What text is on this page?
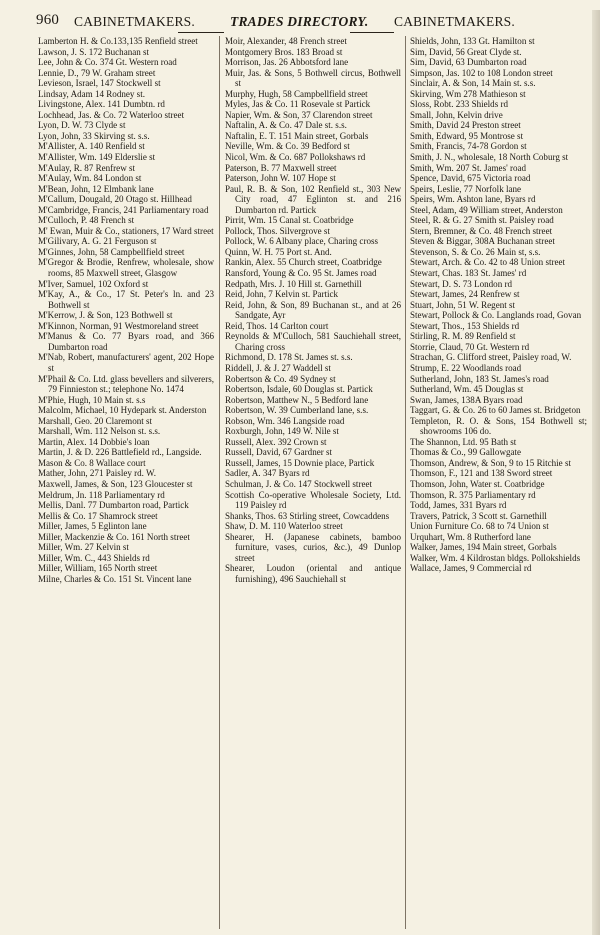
960 CABINETMAKERS.	TRADES DIRECTORY. CABINETMAKERS.
Lamberton H. & Co.133,135 Renfield street
Lawson, J. S. 172 Buchanan st
Lee, John & Co. 374 Gt. Western road
Lennie, D., 79 W. Graham street
Levieson, Israel, 147 Stockwell st
Lindsay, Adam 14 Rodney st.
Livingstone, Alex. 141 Dumbtn. rd
Lochhead, Jas. & Co. 72 Waterloo street
Lyon, D. W. 73 Clyde st
Lyon, John, 33 Skirving st. s.s.
M'Allister, A. 140 Renfield st
M'Allister, Wm. 149 Elderslie st
M'Aulay, R. 87 Renfrew st
M'Aulay, Wm. 84 London st
M'Bean, John, 12 Elmbank lane
M'Callum, Dougald, 20 Otago st. Hillhead
M'Cambridge, Francis, 241 Parliamentary road
M'Culloch, P. 48 French st
M' Ewan, Muir & Co., stationers, 17 Ward street
M'Gilivary, A. G. 21 Ferguson st
M'Ginnes, John, 58 Campbellfield street
M'Gregor & Brodie, Renfrew, wholesale, show rooms, 85 Maxwell street, Glasgow
M'Iver, Samuel, 102 Oxford st
M'Kay, A., & Co., 17 St. Peter's ln. and 23 Bothwell st
M'Kerrow, J. & Son, 123 Bothwell st
M'Kinnon, Norman, 91 Westmoreland street
M'Manus & Co. 77 Byars road, and 366 Dumbarton road
M'Nab, Robert, manufacturers' agent, 202 Hope st
M'Phail & Co. Ltd. glass bevellers and silverers, 79 Finnieston st.; telephone No. 1474
M'Phie, Hugh, 10 Main st. s.s
Malcolm, Michael, 10 Hydepark st. Anderston
Marshall, Geo. 20 Claremont st
Marshall, Wm. 112 Nelson st. s.s.
Martin, Alex. 14 Dobbie's loan
Martin, J. & D. 226 Battlefield rd., Langside.
Mason & Co. 8 Wallace court
Mather, John, 271 Paisley rd. W.
Maxwell, James, & Son, 123 Gloucester st
Meldrum, Jn. 118 Parliamentary rd
Mellis, Danl. 77 Dumbarton road, Partick
Mellis & Co. 17 Shamrock street
Miller, James, 5 Eglinton lane
Miller, Mackenzie & Co. 161 North street
Miller, Wm. 27 Kelvin st
Miller, Wm. C., 443 Shields rd
Miller, William, 165 North street
Milne, Charles & Co. 151 St. Vincent lane
Moir, Alexander, 48 French street
Montgomery Bros. 183 Broad st
Morrison, Jas. 26 Abbotsford lane
Muir, Jas. & Sons, 5 Bothwell circus, Bothwell st
Murphy, Hugh, 58 Campbellfield street
Myles, Jas & Co. 11 Rosevale st Partick
Napier, Wm. & Son, 37 Clarendon street
Naftalin, A. & Co. 47 Dale st. s.s.
Naftalin, E. T. 151 Main street, Gorbals
Neville, Wm. & Co. 39 Bedford st
Nicol, Wm. & Co. 687 Pollokshaws rd
Paterson, B. 77 Maxwell street
Paterson, John W. 107 Hope st
Paul, R. B. & Son, 102 Renfield st., 303 New City road, 47 Eglinton st. and 216 Dumbarton rd. Partick
Pirrit, Wm. 15 Canal st. Coatbridge
Pollock, Thos. Silvergrove st
Pollock, W. 6 Albany place, Charing cross
Quinn, W. H. 75 Port st. And.
Rankin, Alex. 55 Church street, Coatbridge
Ransford, Young & Co. 95 St. James road
Redpath, Mrs. J. 10 Hill st. Garnethill
Reid, John, 7 Kelvin st. Partick
Reid, John, & Son, 89 Buchanan st., and at 26 Sandgate, Ayr
Reid, Thos. 14 Carlton court
Reynolds & M'Culloch, 581 Sauchiehall street, Charing cross
Richmond, D. 178 St. James st. s.s.
Riddell, J. & J. 27 Waddell st
Robertson & Co. 49 Sydney st
Robertson, Isdale, 60 Douglas st. Partick
Robertson, Matthew N., 5 Bedford lane
Robertson, W. 39 Cumberland lane, s.s.
Robson, Wm. 346 Langside road
Roxburgh, John, 149 W. Nile st
Russell, Alex. 392 Crown st
Russell, David, 67 Gardner st
Russell, James, 15 Downie place, Partick
Sadler, A. 347 Byars rd
Schulman, J. & Co. 147 Stockwell street
Scottish Co-operative Wholesale Society, Ltd. 119 Paisley rd
Shanks, Thos. 63 Stirling street, Cowcaddens
Shaw, D. M. 110 Waterloo street
Shearer, H. (Japanese cabinets, bamboo furniture, vases, curios, &c.), 49 Dunlop street
Shearer, Loudon (oriental and antique furnishing), 496 Sauchiehall st
Shields, John, 133 Gt. Hamilton st
Sim, David, 56 Great Clyde st.
Sim, David, 63 Dumbarton road
Simpson, Jas. 102 to 108 London street
Sinclair, A. & Son, 14 Main st. s.s.
Skirving, Wm 278 Mathieson st
Sloss, Robt. 233 Shields rd
Small, John, Kelvin drive
Smith, David 24 Preston street
Smith, Edward, 95 Montrose st
Smith, Francis, 74-78 Gordon st
Smith, J. N., wholesale, 18 North Coburg st
Smith, Wm. 207 St. James' road
Spence, David, 675 Victoria road
Speirs, Leslie, 77 Norfolk lane
Speirs, Wm. Ashton lane, Byars rd
Steel, Adam, 49 William street, Anderston
Steel, R. & G. 27 Smith st. Paisley road
Stern, Bremner, & Co. 48 French street
Steven & Biggar, 308A Buchanan street
Stevenson, S. & Co. 26 Main st, s.s.
Stewart, Arch. & Co. 42 to 48 Union street
Stewart, Chas. 183 St. James' rd
Stewart, D. S. 73 London rd
Stewart, James, 24 Renfrew st
Stuart, John, 51 W. Regent st
Stewart, Pollock & Co. Langlands road, Govan
Stewart, Thos., 153 Shields rd
Stirling, R. M. 89 Renfield st
Storrie, Claud, 70 Gt. Western rd
Strachan, G. Clifford street, Paisley road, W.
Strump, E. 22 Woodlands road
Sutherland, John, 183 St. James's road
Sutherland, Wm. 45 Douglas st
Swan, James, 138A Byars road
Taggart, G. & Co. 26 to 60 James st. Bridgeton
Templeton, R. O. & Sons, 154 Bothwell st; showrooms 106 do.
The Shannon, Ltd. 95 Bath st
Thomas & Co., 99 Gallowgate
Thomson, Andrew, & Son, 9 to 15 Ritchie st
Thomson, F., 121 and 138 Sword street
Thomson, John, Water st. Coatbridge
Thomson, R. 375 Parliamentary rd
Todd, James, 331 Byars rd
Travers, Patrick, 3 Scott st. Garnethill
Union Furniture Co. 68 to 74 Union st
Urquhart, Wm. 8 Rutherford lane
Walker, James, 194 Main street, Gorbals
Walker, Wm. 4 Kildrostan bldgs. Pollokshields
Wallace, James, 9 Commercial rd
